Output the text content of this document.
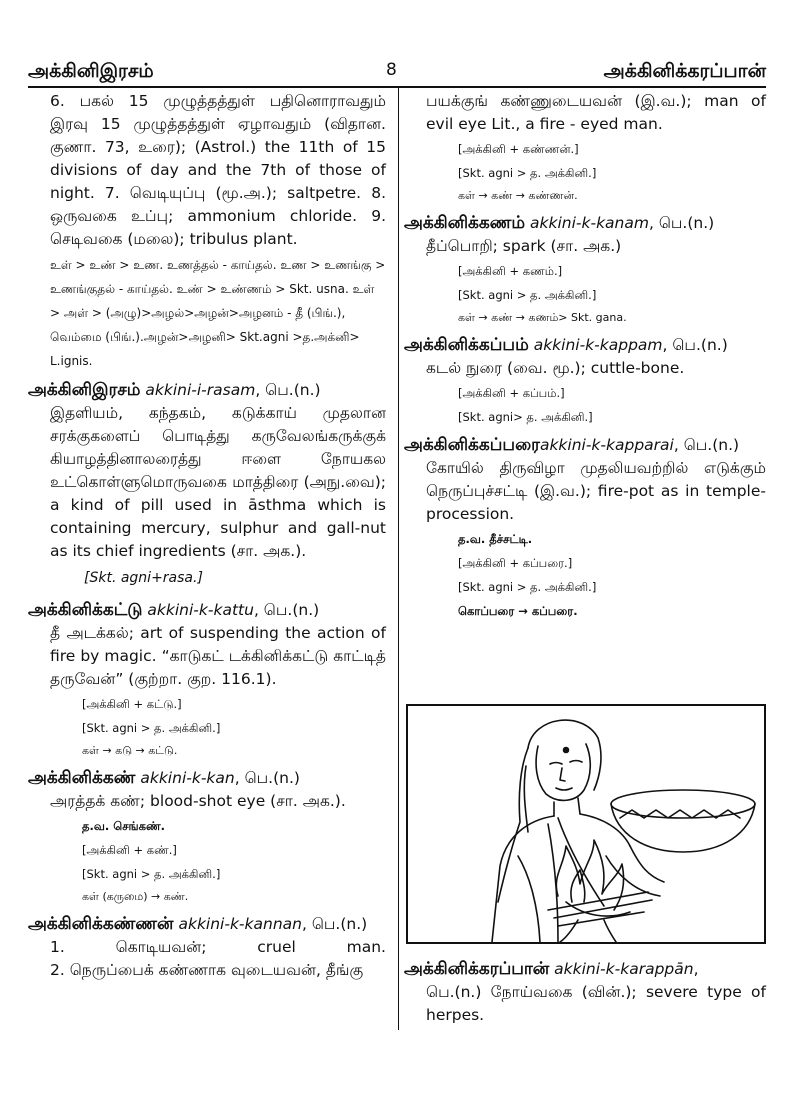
அக்கினிஇரசம்	8	அக்கினிக்கரப்பான்

6. பகல் 15 முழுத்தத்துள் பதினொராவதும் இரவு 15 முழுத்தத்துள் ஏழாவதும் (விதான. குணா. 73, உரை); (Astrol.) the 11th of 15 divisions of day and the 7th of those of night. 7. வெடியுப்பு (மூ.அ.); saltpetre. 8. ஒருவகை உப்பு; ammonium chloride. 9. செடிவகை (மலை); tribulus plant.

உள் > உண் > உண. உணத்தல் - காய்தல். உண > உணங்கு > உணங்குதல் - காய்தல். உண் > உண்ணம் > Skt. usna. உள் > அள் > (அழு)>அழல்>அழன்>அழனம் - தீ (பிங்.), வெம்மை (பிங்.).அழன்>அழனி> Skt.agni >த.அக்னி> L.ignis.

அக்கினிஇரசம் akkini-i-rasam, பெ.(n.)

இதளியம், கந்தகம், கடுக்காய் முதலான சரக்குகளைப் பொடித்து கருவேலங்கருக்குக் கியாழத்தினாலரைத்து ஈளை நோயகல உட்கொள்ளுமொருவகை மாத்திரை (அநு.வை); a kind of pill used in āsthma which is containing mercury, sulphur and gall-nut as its chief ingredients (சா. அக.).

[Skt. agni+rasa.]

அக்கினிக்கட்டு akkini-k-kattu, பெ.(n.)

தீ அடக்கல்; art of suspending the action of fire by magic. “காடுகட் டக்கினிக்கட்டு காட்டித் தருவேன்” (குற்றா. குற. 116.1).

[அக்கினி + கட்டு.]

[Skt. agni > த. அக்கினி.]

கள் → கடு → கட்டு.

அக்கினிக்கண் akkini-k-kan, பெ.(n.)

அரத்தக் கண்; blood-shot eye (சா. அக.).

த.வ. செங்கண்.

[அக்கினி + கண்.]

[Skt. agni > த. அக்கினி.]

கள் (கருமை) → கண்.

அக்கினிக்கண்ணன் akkini-k-kannan, பெ.(n.)

1.	கொடியவன்;	cruel	man.

2. நெருப்பைக் கண்ணாக வுடையவன், தீங்கு

பயக்குங் கண்ணுடையவன் (இ.வ.); man of evil eye Lit., a fire - eyed man.

[அக்கினி + கண்ணன்.]

[Skt. agni > த. அக்கினி.]

கள் → கண் → கண்ணன்.

அக்கினிக்கணம் akkini-k-kanam, பெ.(n.)

தீப்பொறி; spark (சா. அக.)

[அக்கினி + கணம்.]

[Skt. agni > த. அக்கினி.]

கள் → கண் → கணம்> Skt. gana.

அக்கினிக்கப்பம் akkini-k-kappam, பெ.(n.)

கடல் நுரை (வை. மூ.); cuttle-bone.

[அக்கினி + கப்பம்.]

[Skt. agni> த. அக்கினி.]

அக்கினிக்கப்பரைakkini-k-kapparai, பெ.(n.)

கோயில் திருவிழா முதலியவற்றில் எடுக்கும் நெருப்புச்சட்டி (இ.வ.); fire-pot as in temple-procession.

த.வ. தீச்சட்டி.

[அக்கினி + கப்பரை.]

[Skt. agni > த. அக்கினி.]

கொப்பரை → கப்பரை.

அக்கினிக்கரப்பான் akkini-k-karappān,

பெ.(n.) நோய்வகை (வின்.); severe type of herpes.
